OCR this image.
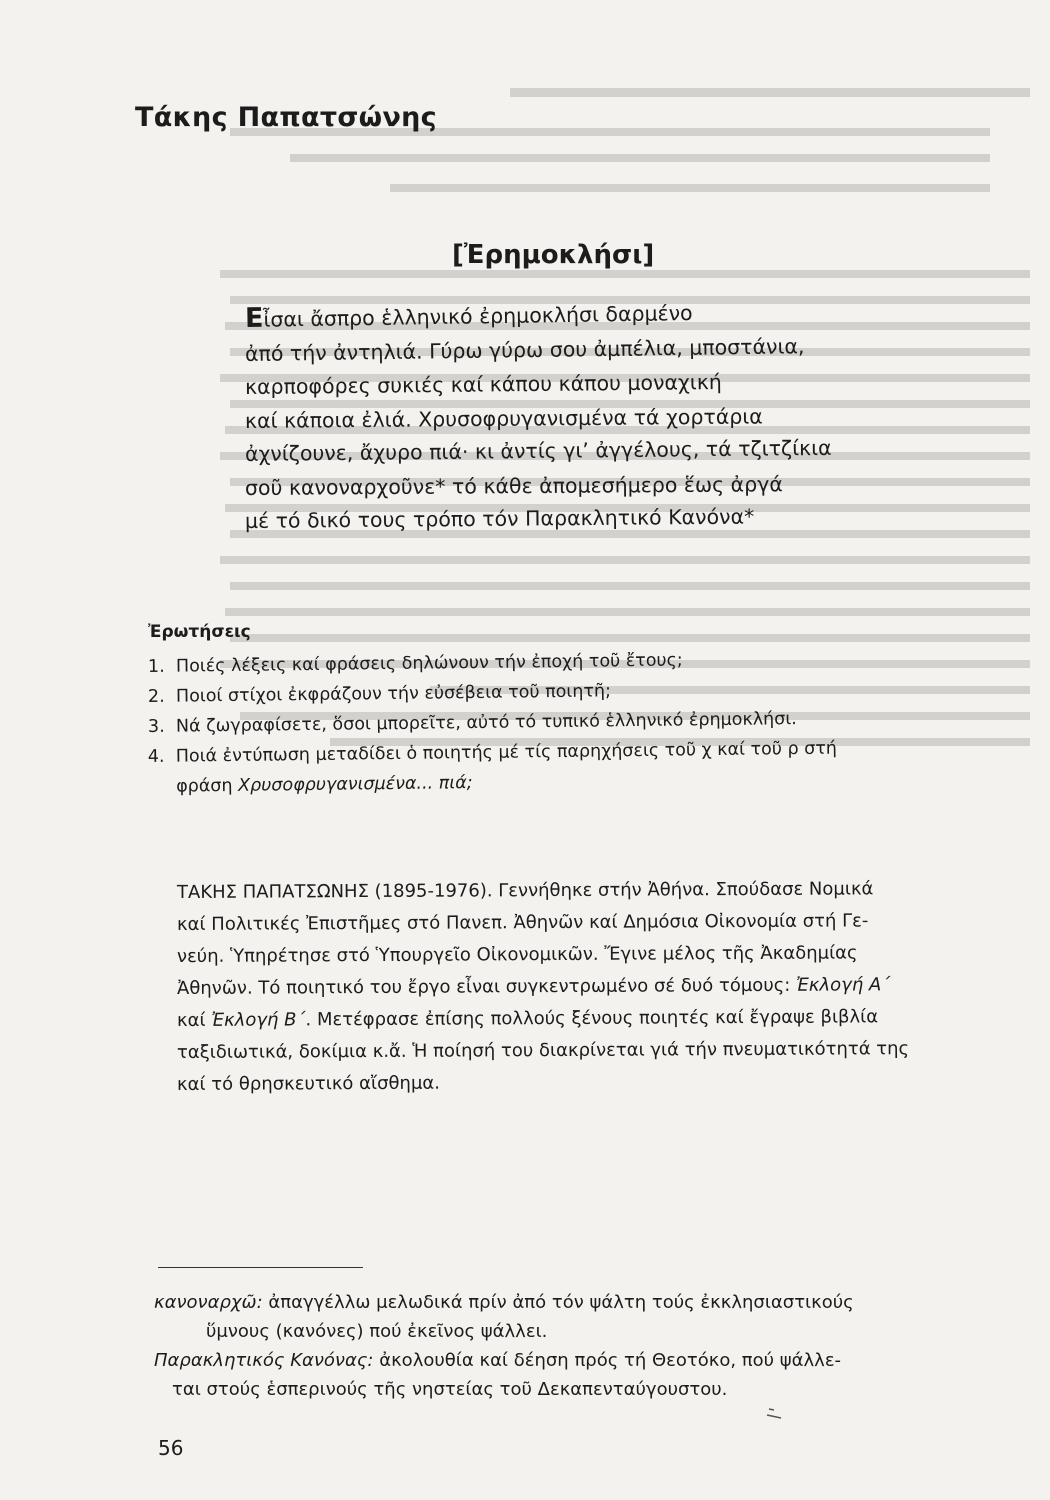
Τάκης Παπατσώνης
[Ἐρημοκλήσι]
Εἶσαι ἄσπρο ἑλληνικό ἐρημοκλήσι δαρμένο
ἀπό τήν ἀντηλιά. Γύρω γύρω σου ἀμπέλια, μποστάνια,
καρποφόρες συκιές καί κάπου κάπου μοναχική
καί κάποια ἐλιά. Χρυσοφρυγανισμένα τά χορτάρια
ἀχνίζουνε, ἄχυρο πιά· κι ἀντίς γι’ ἀγγέλους, τά τζιτζίκια
σοῦ κανοναρχοῦνε* τό κάθε ἀπομεσήμερο ἕως ἀργά
μέ τό δικό τους τρόπο τόν Παρακλητικό Κανόνα*
Ἐρωτήσεις
1. Ποιές λέξεις καί φράσεις δηλώνουν τήν ἐποχή τοῦ ἔτους;
2. Ποιοί στίχοι ἐκφράζουν τήν εὐσέβεια τοῦ ποιητῆ;
3. Νά ζωγραφίσετε, ὅσοι μπορεῖτε, αὐτό τό τυπικό ἑλληνικό ἐρημοκλήσι.
4. Ποιά ἐντύπωση μεταδίδει ὁ ποιητής μέ τίς παρηχήσεις τοῦ χ καί τοῦ ρ στή
φράση Χρυσοφρυγανισμένα... πιά;
ΤΑΚΗΣ ΠΑΠΑΤΣΩΝΗΣ (1895-1976). Γεννήθηκε στήν Ἀθήνα. Σπούδασε Νομικά
καί Πολιτικές Ἐπιστῆμες στό Πανεπ. Ἀθηνῶν καί Δημόσια Οἰκονομία στή Γε-
νεύη. Ὑπηρέτησε στό Ὑπουργεῖο Οἰκονομικῶν. Ἔγινε μέλος τῆς Ἀκαδημίας
Ἀθηνῶν. Τό ποιητικό του ἔργο εἶναι συγκεντρωμένο σέ δυό τόμους: Ἐκλογή Α΄
καί Ἐκλογή Β΄. Μετέφρασε ἐπίσης πολλούς ξένους ποιητές καί ἔγραψε βιβλία
ταξιδιωτικά, δοκίμια κ.ἄ. Ἡ ποίησή του διακρίνεται γιά τήν πνευματικότητά της
καί τό θρησκευτικό αἴσθημα.
κανοναρχῶ: ἀπαγγέλλω μελωδικά πρίν ἀπό τόν ψάλτη τούς ἐκκλησιαστικούς
ὕμνους (κανόνες) πού ἐκεῖνος ψάλλει.
Παρακλητικός Κανόνας: ἀκολουθία καί δέηση πρός τή Θεοτόκο, πού ψάλλε-
ται στούς ἑσπερινούς τῆς νηστείας τοῦ Δεκαπενταύγουστου.
56
